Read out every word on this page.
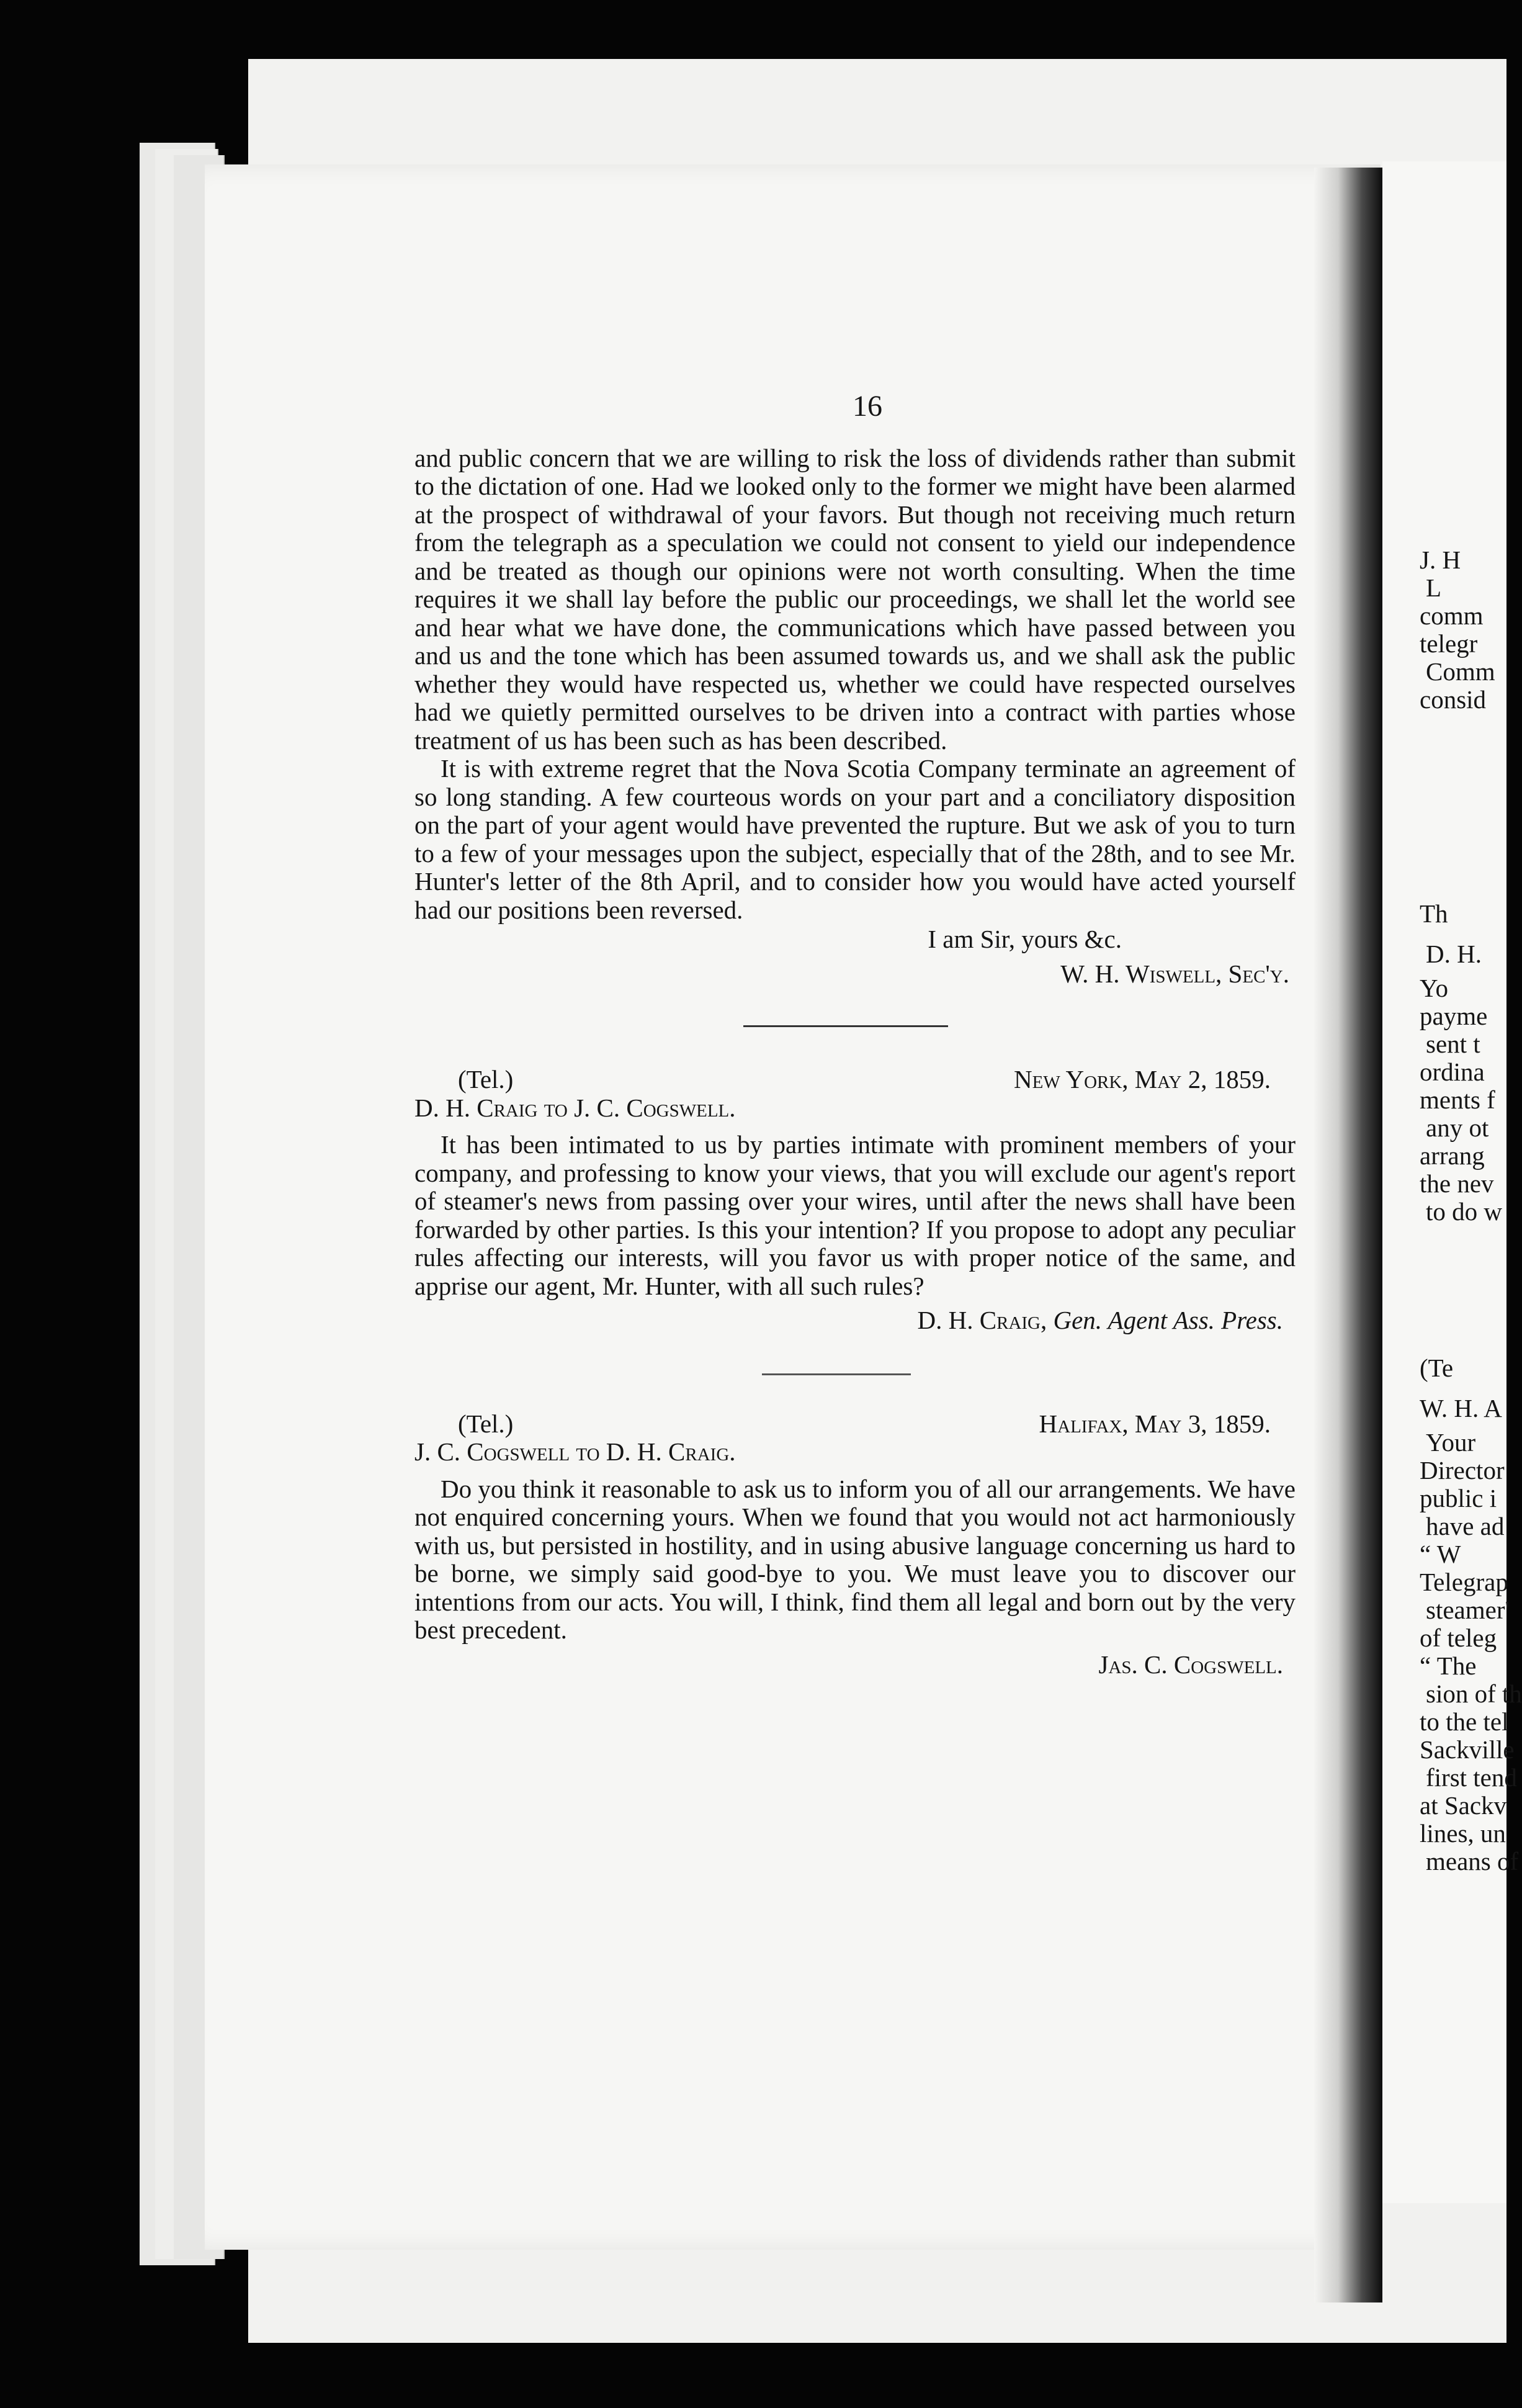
16

and public concern that we are willing to risk the loss of dividends rather than submit to the dictation of one. Had we looked only to the former we might have been alarmed at the prospect of withdrawal of your favors. But though not receiving much return from the telegraph as a speculation we could not consent to yield our independence and be treated as though our opinions were not worth consulting. When the time requires it we shall lay before the public our proceedings, we shall let the world see and hear what we have done, the communications which have passed between you and us and the tone which has been assumed towards us, and we shall ask the public whether they would have respected us, whether we could have respected ourselves had we quietly permitted ourselves to be driven into a contract with parties whose treatment of us has been such as has been described.

It is with extreme regret that the Nova Scotia Company terminate an agreement of so long standing. A few courteous words on your part and a conciliatory disposition on the part of your agent would have prevented the rupture. But we ask of you to turn to a few of your messages upon the subject, especially that of the 28th, and to see Mr. Hunter's letter of the 8th April, and to consider how you would have acted yourself had our positions been reversed.

I am Sir, yours &c.
W. H. Wiswell, Sec'y.
(Tel.)	New York, May 2, 1859.
D. H. Craig to J. C. Cogswell.

It has been intimated to us by parties intimate with prominent members of your company, and professing to know your views, that you will exclude our agent's report of steamer's news from passing over your wires, until after the news shall have been forwarded by other parties. Is this your intention? If you propose to adopt any peculiar rules affecting our interests, will you favor us with proper notice of the same, and apprise our agent, Mr. Hunter, with all such rules?

D. H. Craig, Gen. Agent Ass. Press.
(Tel.)	Halifax, May 3, 1859.
J. C. Cogswell to D. H. Craig.

Do you think it reasonable to ask us to inform you of all our arrangements. We have not enquired concerning yours. When we found that you would not act harmoniously with us, but persisted in hostility, and in using abusive language concerning us hard to be borne, we simply said good-bye to you. We must leave you to discover our intentions from our acts. You will, I think, find them all legal and born out by the very best precedent.

Jas. C. Cogswell.
J. H
L
comm
telegr
Comm
consid
Th
D. H.
Yo
payme
sent t
ordina
ments f
any ot
arrang
the nev
to do w
(Te
W. H. A
Your
Director
public i
have ad
“ W
Telegrap
steamer'
of teleg
“ The
sion of th
to the tel
Sackville
first tend
at Sackv
lines, un
means of
